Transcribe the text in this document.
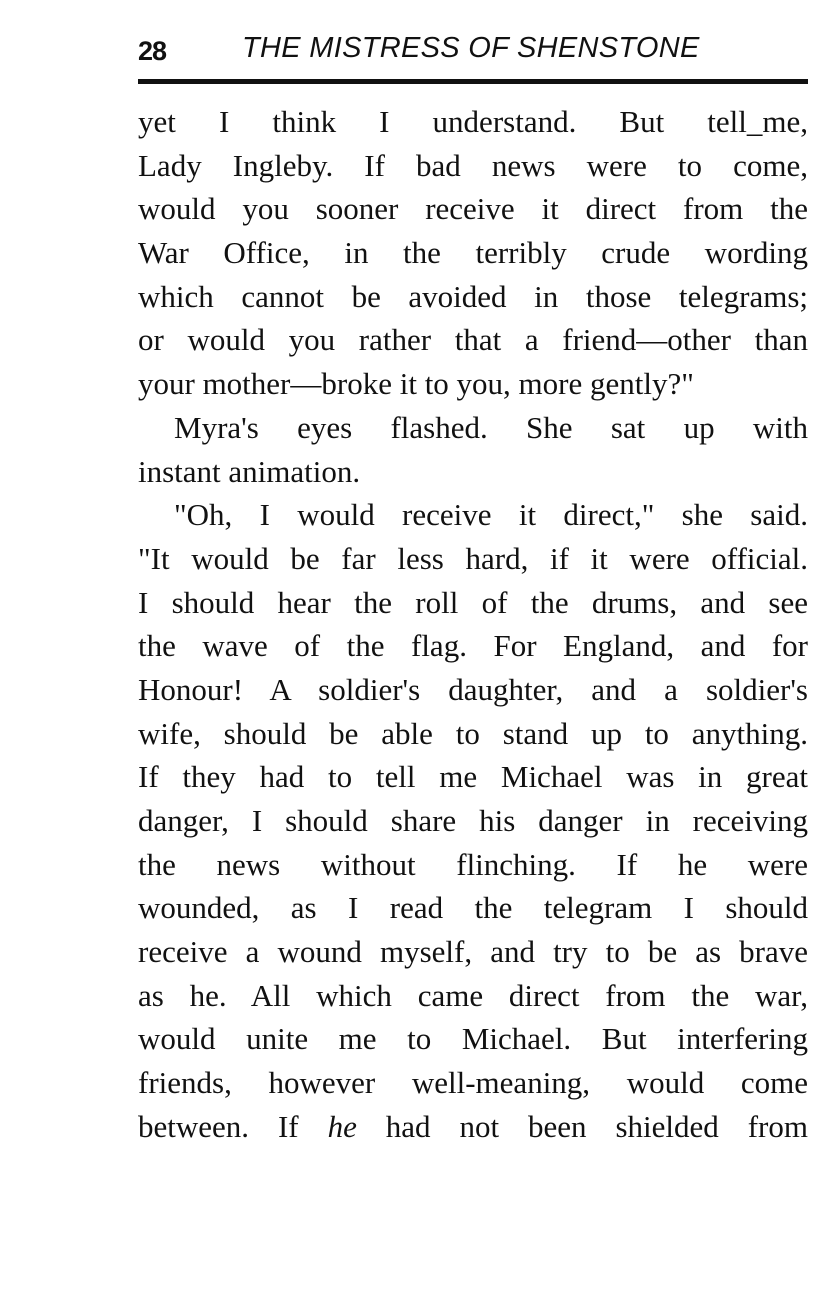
28	THE MISTRESS OF SHENSTONE
yet I think I understand. But tell_me,
Lady Ingleby. If bad news were to come,
would you sooner receive it direct from the
War Office, in the terribly crude wording
which cannot be avoided in those telegrams;
or would you rather that a friend—other than
your mother—broke it to you, more gently?"
Myra's eyes flashed. She sat up with
instant animation.
"Oh, I would receive it direct," she said.
"It would be far less hard, if it were official.
I should hear the roll of the drums, and see
the wave of the flag. For England, and for
Honour! A soldier's daughter, and a soldier's
wife, should be able to stand up to anything.
If they had to tell me Michael was in great
danger, I should share his danger in receiving
the news without flinching. If he were
wounded, as I read the telegram I should
receive a wound myself, and try to be as brave
as he. All which came direct from the war,
would unite me to Michael. But interfering
friends, however well-meaning, would come
between. If he had not been shielded from
